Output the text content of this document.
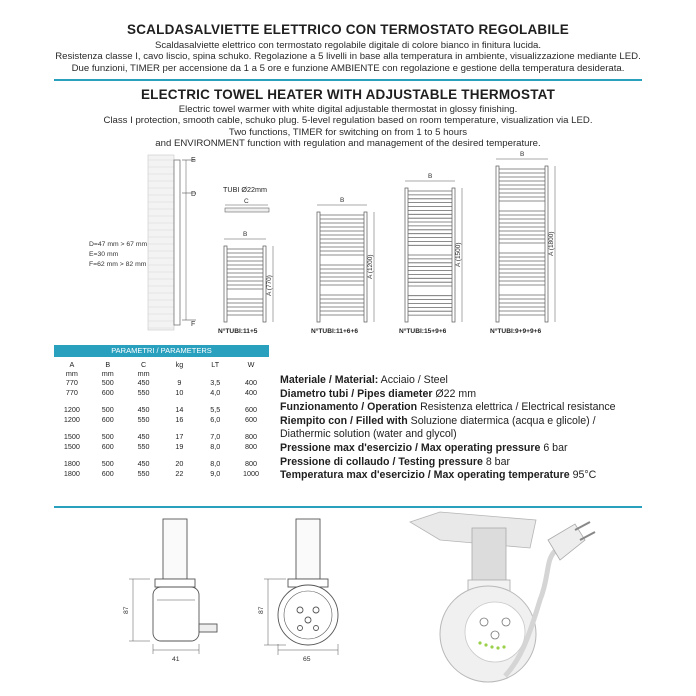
SCALDASALVIETTE ELETTRICO CON TERMOSTATO REGOLABILE
Scaldasalviette elettrico con termostato regolabile digitale di colore bianco in finitura lucida.
Resistenza classe I, cavo liscio, spina schuko. Regolazione a 5 livelli in base alla temperatura in ambiente, visualizzazione mediante LED.
Due funzioni, TIMER per accensione da 1 a 5 ore e funzione AMBIENTE con regolazione e gestione della temperatura desiderata.
ELECTRIC TOWEL HEATER WITH ADJUSTABLE THERMOSTAT
Electric towel warmer with white digital adjustable thermostat in glossy finishing.
Class I protection, smooth cable, schuko plug. 5-level regulation based on room temperature, visualization via LED.
Two functions, TIMER for switching on from 1 to 5 hours
and ENVIRONMENT function with regulation and management of the desired temperature.
E
D
F
D=47 mm > 67 mm
E=30 mm
F=62 mm > 82 mm
TUBI Ø22mm
C
B
A (770)
N°TUBI:11+5
B
A (1200)
N°TUBI:11+6+6
B
A (1500)
N°TUBI:15+9+6
B
A (1800)
N°TUBI:9+9+9+6
PARAMETRI / PARAMETERS
A	B	C	kg	LT	W
mm	mm	mm
770	500	450	9	3,5	400
770	600	550	10	4,0	400
1200	500	450	14	5,5	600
1200	600	550	16	6,0	600
1500	500	450	17	7,0	800
1500	600	550	19	8,0	800
1800	500	450	20	8,0	800
1800	600	550	22	9,0	1000
Materiale / Material: Acciaio / Steel
Diametro tubi / Pipes diameter Ø22 mm
Funzionamento / Operation Resistenza elettrica / Electrical resistance
Riempito con / Filled with Soluzione diatermica (acqua e glicole) /
Diathermic solution (water and glycol)
Pressione max d'esercizio / Max operating pressure 6 bar
Pressione di collaudo / Testing pressure 8 bar
Temperatura max d'esercizio / Max operating temperature 95°C
87
41
87
65
